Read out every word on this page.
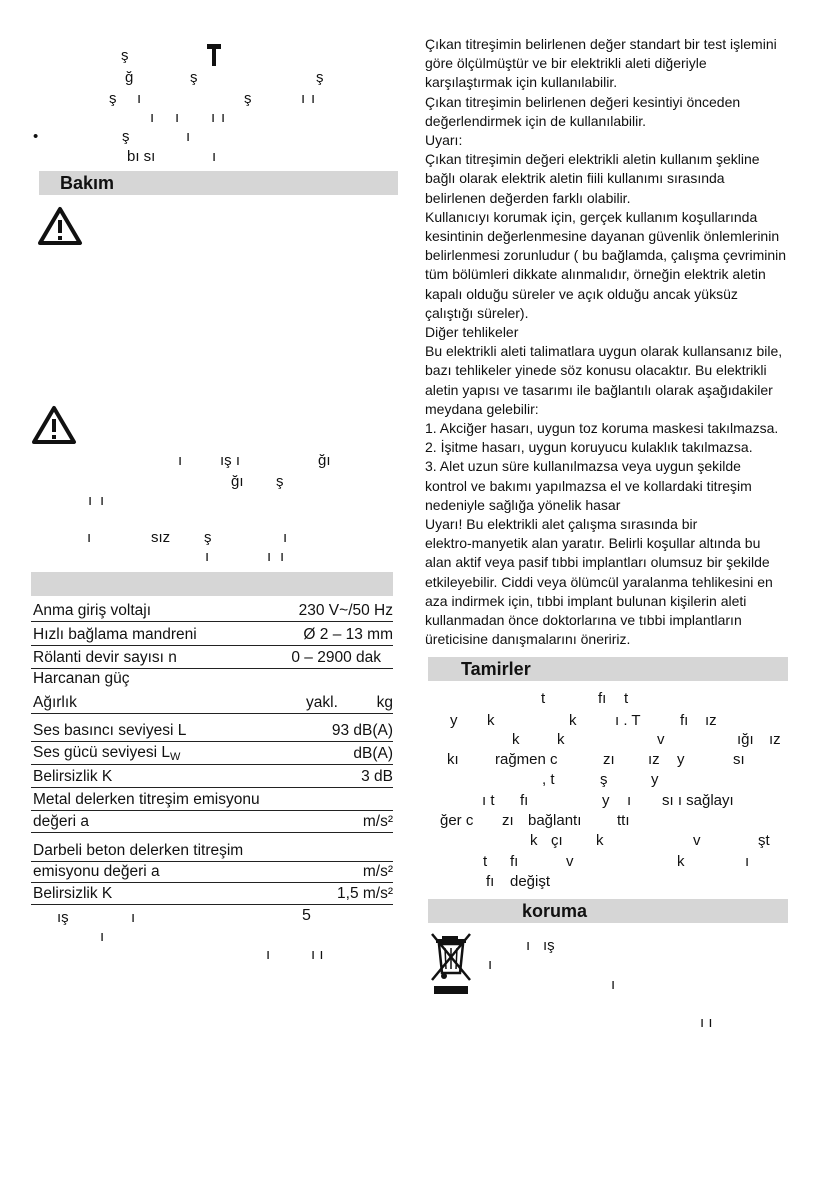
ş
ğ	ş	ş
ş ı	ş	ı ı
ı ı ı ı
•	ş	ı
bı sı	ı
Bakım
ı	ış ı	ğı
ğı ş
ı ı
ı	sız ş	ı
ı	ı ı
Anma giriş voltajı	230 V~/50 Hz
Hızlı bağlama mandreni	Ø 2 – 13 mm
Rölanti devir sayısı n	0 – 2900 dak
Harcanan güç
Ağırlık	yakl.	kg
Ses basıncı seviyesi L	93 dB(A)
Ses gücü seviyesi $L_W$	dB(A)
Belirsizlik K	3 dB
Metal delerken titreşim emisyonu
değeri a	m/s²
Darbeli beton delerken titreşim
emisyonu değeri a	m/s²
Belirsizlik K	1,5 m/s²
ış	ı	5
ı
ı	ı ı

Çıkan titreşimin belirlenen değer standart bir test işlemini

göre ölçülmüştür ve bir elektrikli aleti diğeriyle

karşılaştırmak için kullanılabilir.

Çıkan titreşimin belirlenen değeri kesintiyi önceden

değerlendirmek için de kullanılabilir.

Uyarı:

Çıkan titreşimin değeri elektrikli aletin kullanım şekline

bağlı olarak elektrik aletin fiili kullanımı sırasında

belirlenen değerden farklı olabilir.

Kullanıcıyı korumak için, gerçek kullanım koşullarında

kesintinin değerlenmesine dayanan güvenlik önlemlerinin

belirlenmesi zorunludur ( bu bağlamda, çalışma çevriminin

tüm bölümleri dikkate alınmalıdır, örneğin elektrik aletin

kapalı olduğu süreler ve açık olduğu ancak yüksüz

çalıştığı süreler).

Diğer tehlikeler

Bu elektrikli aleti talimatlara uygun olarak kullansanız bile,

bazı tehlikeler yinede söz konusu olacaktır. Bu elektrikli

aletin yapısı ve tasarımı ile bağlantılı olarak aşağıdakiler

meydana gelebilir:

1. Akciğer hasarı, uygun toz koruma maskesi takılmazsa.

2. İşitme hasarı, uygun koruyucu kulaklık takılmazsa.

3. Alet uzun süre kullanılmazsa veya uygun şekilde

kontrol ve bakımı yapılmazsa el ve kollardaki titreşim

nedeniyle sağlığa yönelik hasar

Uyarı! Bu elektrikli alet çalışma sırasında bir

elektro-manyetik alan yaratır. Belirli koşullar altında bu

alan aktif veya pasif tıbbi implantları olumsuz bir şekilde

etkileyebilir. Ciddi veya ölümcül yaralanma tehlikesini en

aza indirmek için, tıbbi implant bulunan kişilerin aleti

kullanmadan önce doktorlarına ve tıbbi implantların

üreticisine danışmalarını öneririz.

Tamirler
t	fı t
y k	k	ı . T	fı ız
k	k	v	ığı ız
kı rağmen c	zı ız y	sı
, t	ş	y
ı t fı	y ı sı ı sağlayı
ğer c zı bağlantı ttı
k çı k	v	şt
t fı	v	k	ı
fı değişt
koruma
ı ış
ı
ı
ı ı
